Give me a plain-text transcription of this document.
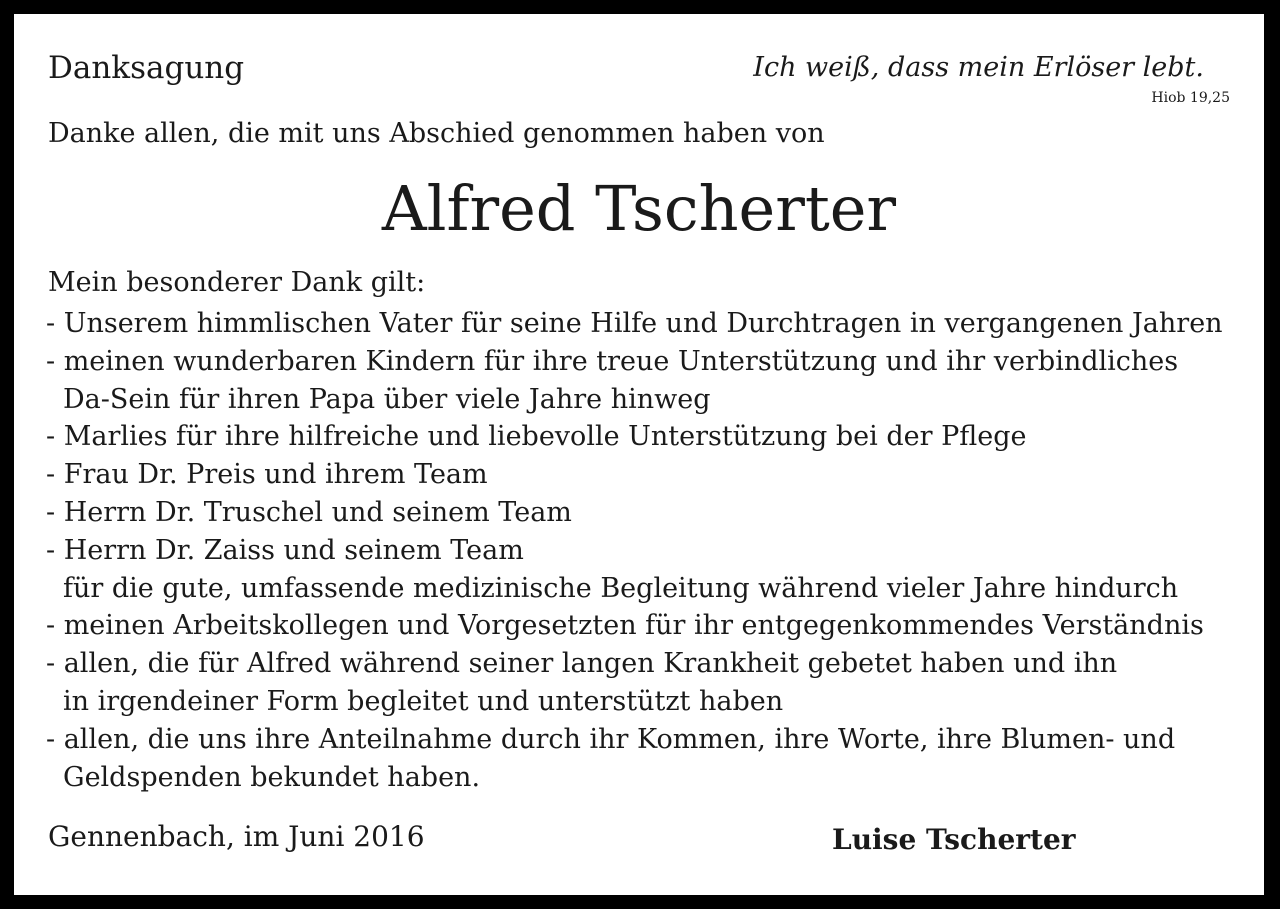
Danksagung	Ich weiß, dass mein Erlöser lebt.
Hiob 19,25
Danke allen, die mit uns Abschied genommen haben von
Alfred Tscherter
Mein besonderer Dank gilt:
- Unserem himmlischen Vater für seine Hilfe und Durchtragen in vergangenen Jahren
- meinen wunderbaren Kindern für ihre treue Unterstützung und ihr verbindliches
Da-Sein für ihren Papa über viele Jahre hinweg
- Marlies für ihre hilfreiche und liebevolle Unterstützung bei der Pflege
- Frau Dr. Preis und ihrem Team
- Herrn Dr. Truschel und seinem Team
- Herrn Dr. Zaiss und seinem Team
für die gute, umfassende medizinische Begleitung während vieler Jahre hindurch
- meinen Arbeitskollegen und Vorgesetzten für ihr entgegenkommendes Verständnis
- allen, die für Alfred während seiner langen Krankheit gebetet haben und ihn
in irgendeiner Form begleitet und unterstützt haben
- allen, die uns ihre Anteilnahme durch ihr Kommen, ihre Worte, ihre Blumen- und
Geldspenden bekundet haben.
Gennenbach, im Juni 2016	Luise Tscherter
